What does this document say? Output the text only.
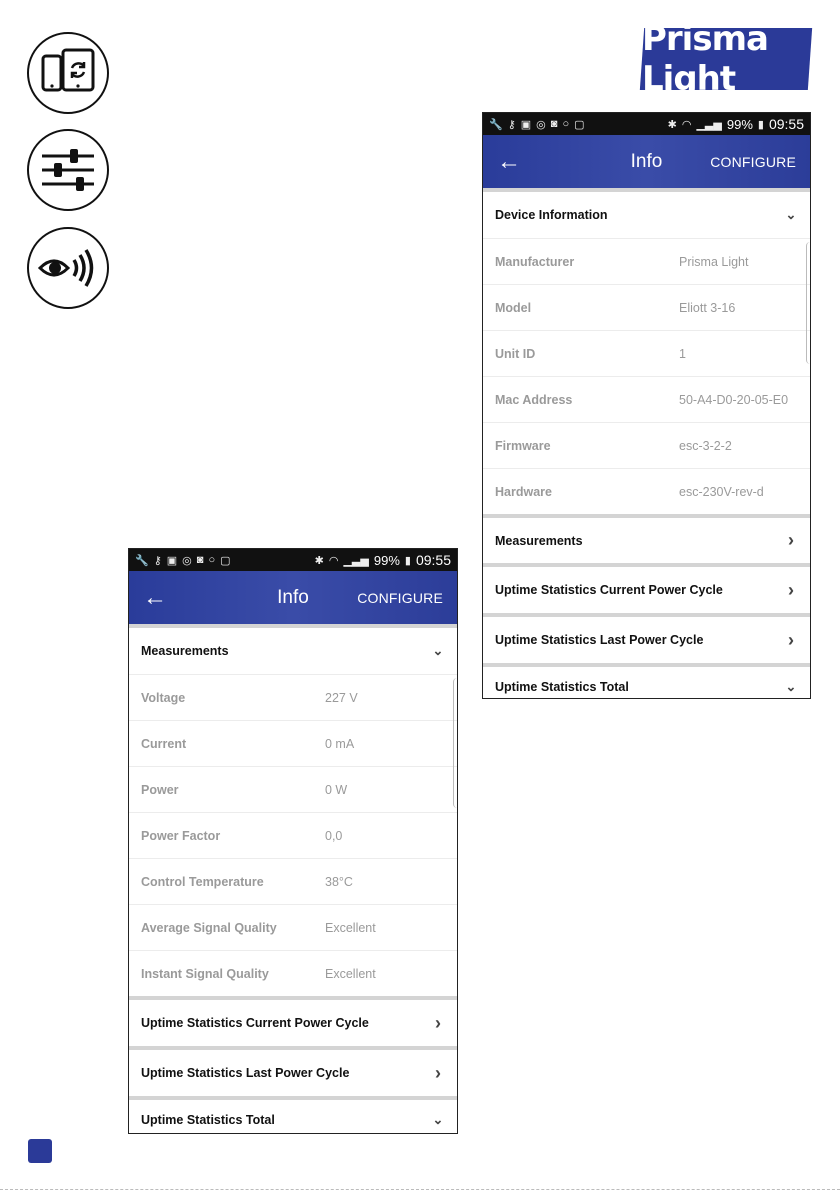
Prisma Light
🔧 ⚷ ▣ ◎ ◙ ○ ▢	✱ ◠ ▁▃▅ 99% ▮ 09:55
←	Info	CONFIGURE
Device Information	⌄
Manufacturer	Prisma Light
Model	Eliott 3-16
Unit ID	1
Mac Address	50-A4-D0-20-05-E0
Firmware	esc-3-2-2
Hardware	esc-230V-rev-d
Measurements	›
Uptime Statistics Current Power Cycle	›
Uptime Statistics Last Power Cycle	›
Uptime Statistics Total	⌄
🔧 ⚷ ▣ ◎ ◙ ○ ▢	✱ ◠ ▁▃▅ 99% ▮ 09:55
←	Info	CONFIGURE
Measurements	⌄
Voltage	227 V
Current	0 mA
Power	0 W
Power Factor	0,0
Control Temperature	38°C
Average Signal Quality	Excellent
Instant Signal Quality	Excellent
Uptime Statistics Current Power Cycle	›
Uptime Statistics Last Power Cycle	›
Uptime Statistics Total	⌄
